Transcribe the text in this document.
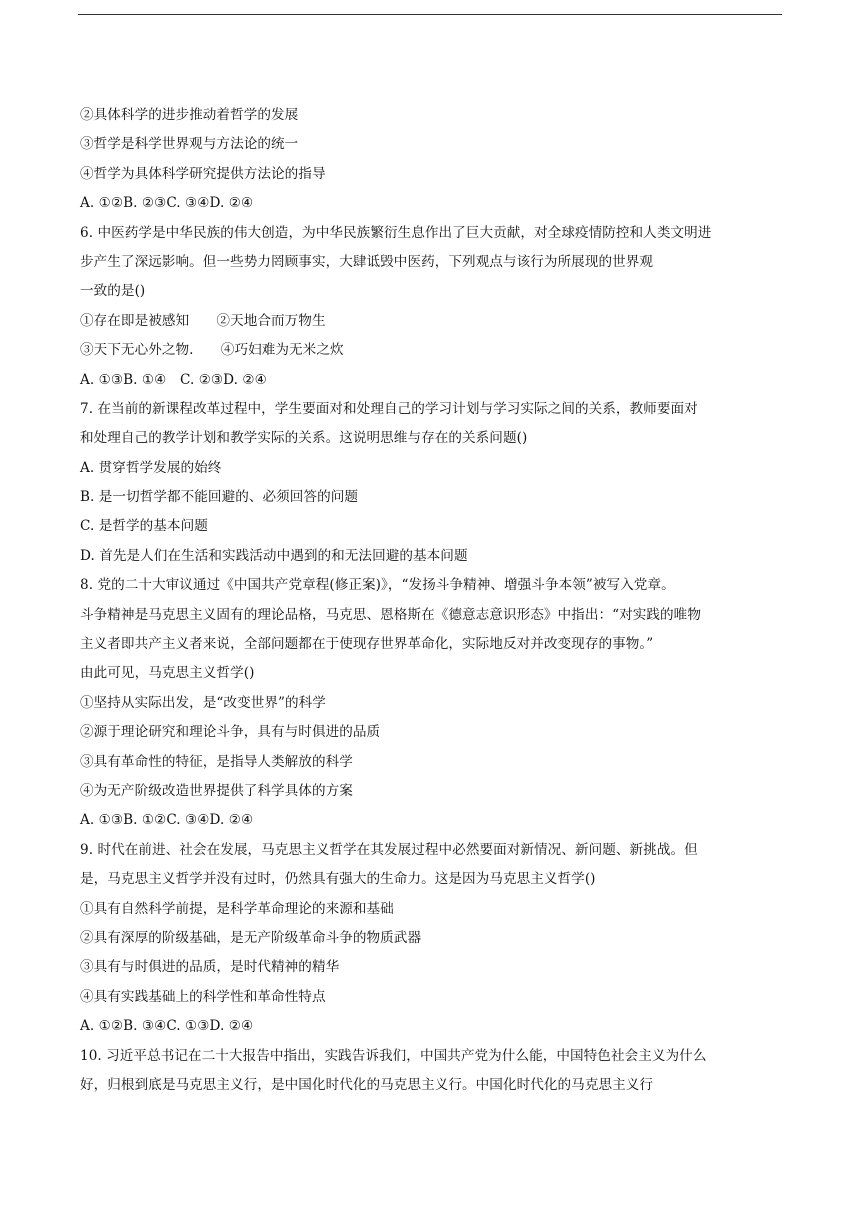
②具体科学的进步推动着哲学的发展
③哲学是科学世界观与方法论的统一
④哲学为具体科学研究提供方法论的指导
A. ①②B. ②③C. ③④D. ②④
6. 中医药学是中华民族的伟大创造，为中华民族繁衍生息作出了巨大贡献，对全球疫情防控和人类文明进
步产生了深远影响。但一些势力罔顾事实，大肆诋毁中医药，下列观点与该行为所展现的世界观
一致的是()
①存在即是被感知　　②天地合而万物生
③天下无心外之物.　　④巧妇难为无米之炊
A. ①③B. ①④　C. ②③D. ②④
7. 在当前的新课程改革过程中，学生要面对和处理自己的学习计划与学习实际之间的关系，教师要面对
和处理自己的教学计划和教学实际的关系。这说明思维与存在的关系问题()
A. 贯穿哲学发展的始终
B. 是一切哲学都不能回避的、必须回答的问题
C. 是哲学的基本问题
D. 首先是人们在生活和实践活动中遇到的和无法回避的基本问题
8. 党的二十大审议通过《中国共产党章程(修正案)》，“发扬斗争精神、增强斗争本领”被写入党章。
斗争精神是马克思主义固有的理论品格，马克思、恩格斯在《德意志意识形态》中指出：“对实践的唯物
主义者即共产主义者来说，全部问题都在于使现存世界革命化，实际地反对并改变现存的事物。”
由此可见，马克思主义哲学()
①坚持从实际出发，是“改变世界”的科学
②源于理论研究和理论斗争，具有与时俱进的品质
③具有革命性的特征，是指导人类解放的科学
④为无产阶级改造世界提供了科学具体的方案
A. ①③B. ①②C. ③④D. ②④
9. 时代在前进、社会在发展，马克思主义哲学在其发展过程中必然要面对新情况、新问题、新挑战。但
是，马克思主义哲学并没有过时，仍然具有强大的生命力。这是因为马克思主义哲学()
①具有自然科学前提，是科学革命理论的来源和基础
②具有深厚的阶级基础，是无产阶级革命斗争的物质武器
③具有与时俱进的品质，是时代精神的精华
④具有实践基础上的科学性和革命性特点
A. ①②B. ③④C. ①③D. ②④
10. 习近平总书记在二十大报告中指出，实践告诉我们，中国共产党为什么能，中国特色社会主义为什么
好，归根到底是马克思主义行，是中国化时代化的马克思主义行。中国化时代化的马克思主义行
